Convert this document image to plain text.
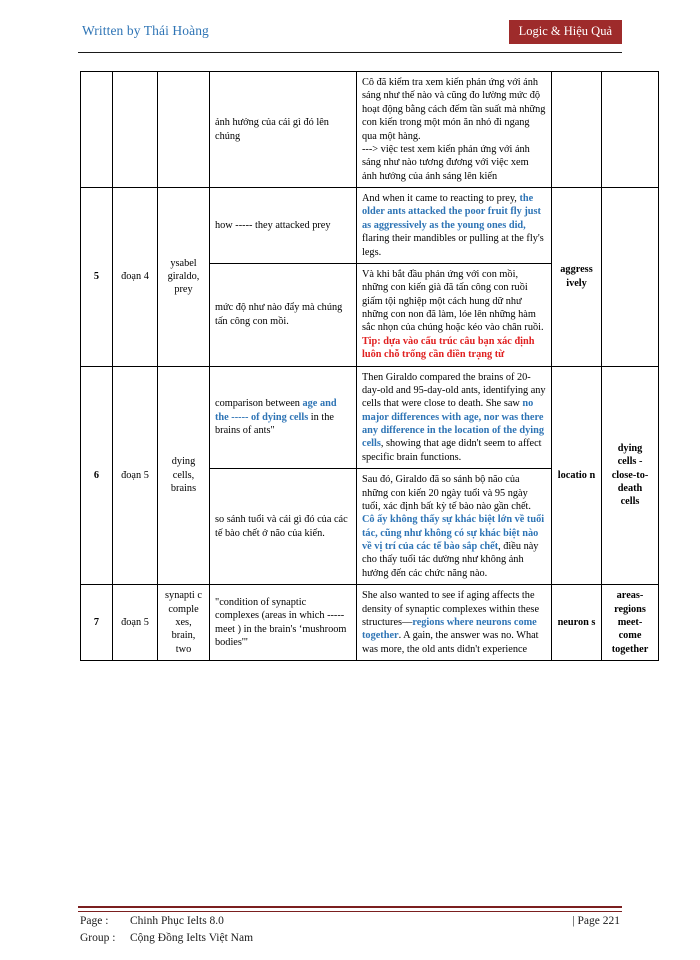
Written by Thái Hoàng	Logic & Hiệu Quả
			ảnh hưởng của cái gì đó lên chúng	Cô đã kiểm tra xem kiến phản ứng với ánh sáng như thế nào và cũng đo lường mức độ hoạt động bằng cách đếm tần suất mà những con kiến trong một món ăn nhỏ đi ngang qua một hàng.

---> việc test xem kiến phản ứng với ánh sáng như nào tương đương với việc xem ảnh hưởng của ánh sáng lên kiến		

5	đoạn 4	ysabel giraldo, prey	how ----- they attacked prey	And when it came to reacting to prey, the older ants attacked the poor fruit fly just as aggressively as the young ones did, flaring their mandibles or pulling at the fly's legs.	aggress ively	
			mức độ như nào đẩy mà chúng tấn công con mồi.	Và khi bắt đầu phản ứng với con mồi, những con kiến già đã tấn công con ruồi giấm tội nghiệp một cách hung dữ như những con non đã làm, lóe lên những hàm sắc nhọn của chúng hoặc kéo vào chân ruồi.

Tip: dựa vào cấu trúc câu bạn xác định luôn chỗ trống cần điền trạng từ		

6	đoạn 5	dying cells, brains	comparison between age and the ----- of dying cells in the
brains of ants"	Then Giraldo compared the brains of 20-day-old and 95-day-old ants, identifying any cells that were close to death. She saw no major differences with age, nor was there any difference in the location of the dying cells, showing that age didn't seem to affect specific brain functions.	locatio n	dying cells - close-to- death cells
			so sánh tuổi và cái gì đó của các tế bào chết ở não của kiến.	Sau đó, Giraldo đã so sánh bộ não của những con kiến 20 ngày tuổi và 95 ngày tuổi, xác định bất kỳ tế bào nào gần chết. Cô ấy không thấy sự khác biệt lớn về tuổi tác, cũng như không có sự khác biệt nào về vị trí của các tế bào sắp chết, điều này cho thấy tuổi tác dường như không ảnh hưởng đến các chức năng nào.		
7	đoạn 5	synapti c comple xes, brain, two	"condition of synaptic complexes (areas in which ----- meet ) in the brain's ‘mushroom bodies'"	She also wanted to see if aging affects the density of synaptic complexes within these structures—regions where neurons come together. A gain, the answer was no. What was more, the old ants didn't experience	neuron s	areas- regions meet- come together
Page : Chinh Phục Ielts 8.0	| Page 221
Group : Cộng Đồng Ielts Việt Nam
